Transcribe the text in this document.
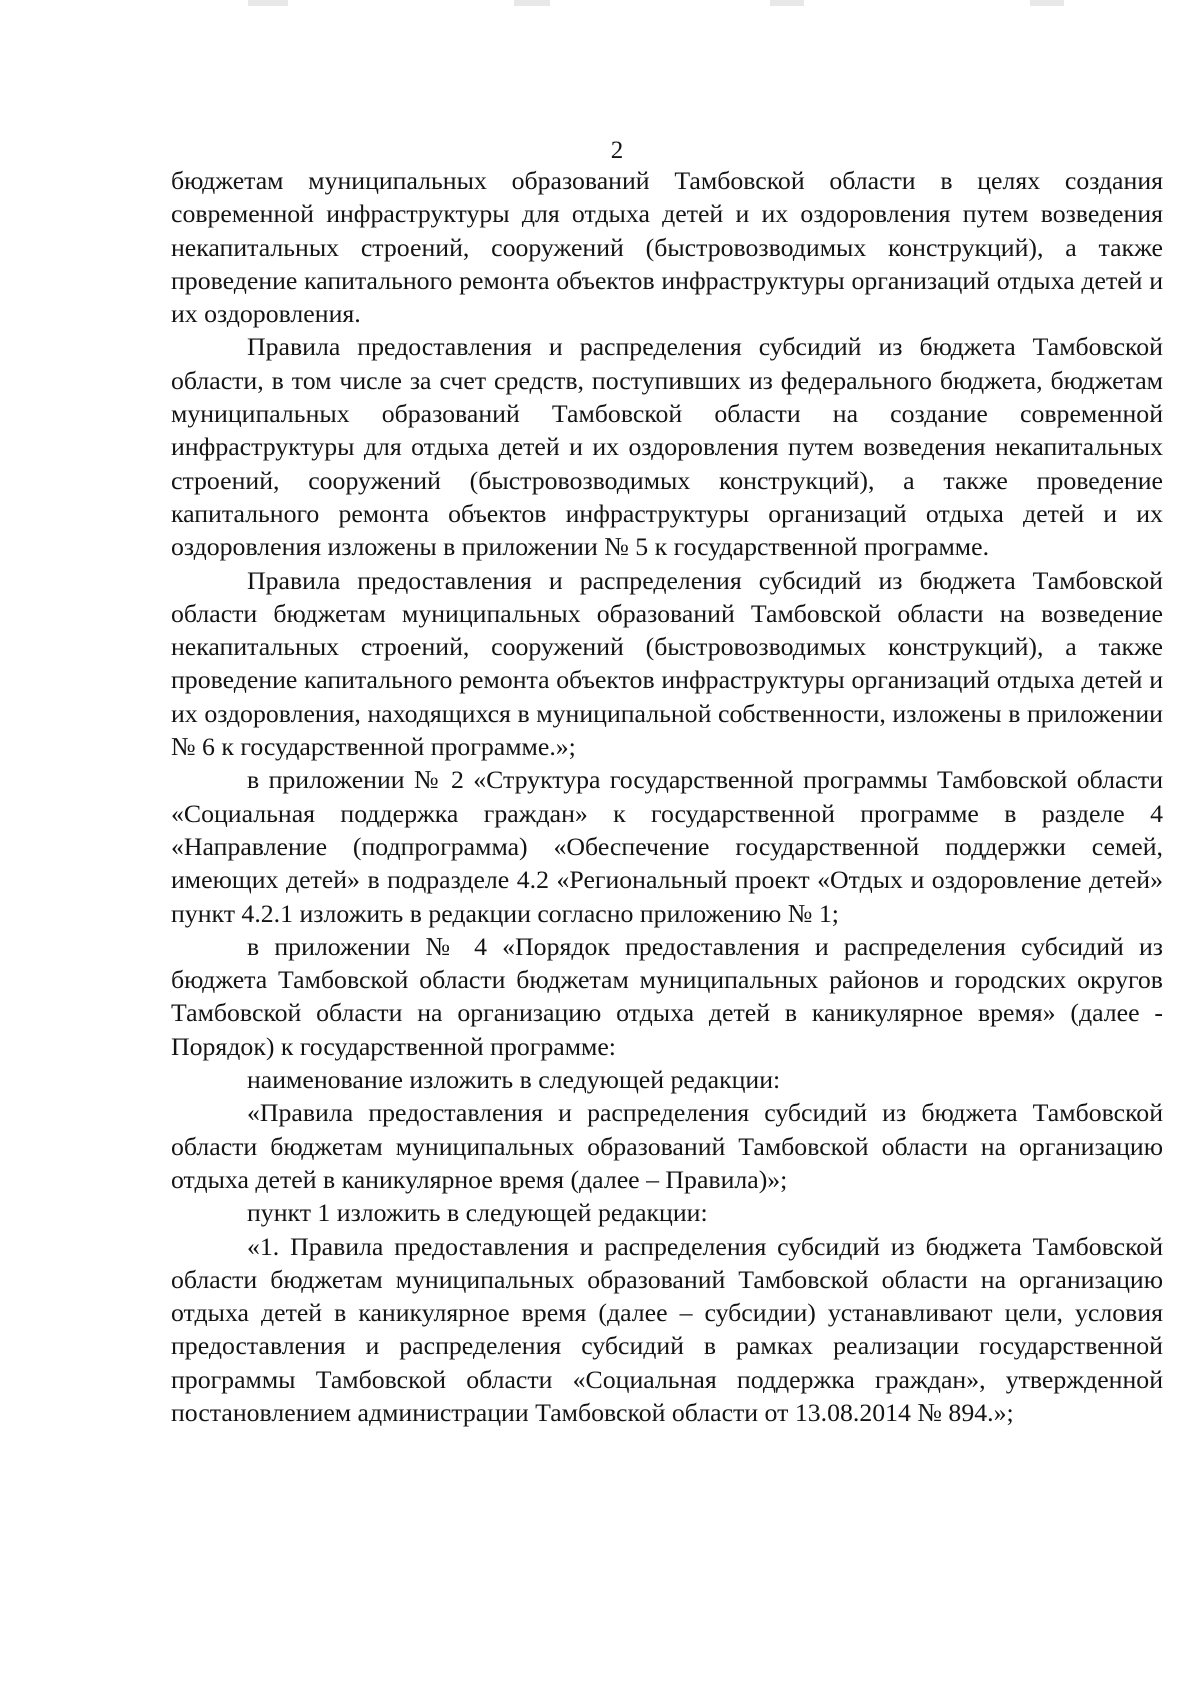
2

бюджетам муниципальных образований Тамбовской области в целях создания современной инфраструктуры для отдыха детей и их оздоровления путем возведения некапитальных строений, сооружений (быстровозводимых конструкций), а также проведение капитального ремонта объектов инфраструктуры организаций отдыха детей и их оздоровления.

Правила предоставления и распределения субсидий из бюджета Тамбовской области, в том числе за счет средств, поступивших из федерального бюджета, бюджетам муниципальных образований Тамбовской области на создание современной инфраструктуры для отдыха детей и их оздоровления путем возведения некапитальных строений, сооружений (быстровозводимых конструкций), а также проведение капитального ремонта объектов инфраструктуры организаций отдыха детей и их оздоровления изложены в приложении № 5 к государственной программе.

Правила предоставления и распределения субсидий из бюджета Тамбовской области бюджетам муниципальных образований Тамбовской области на возведение некапитальных строений, сооружений (быстровозводимых конструкций), а также проведение капитального ремонта объектов инфраструктуры организаций отдыха детей и их оздоровления, находящихся в муниципальной собственности, изложены в приложении № 6 к государственной программе.»;

в приложении № 2 «Структура государственной программы Тамбовской области «Социальная поддержка граждан» к государственной программе в разделе 4 «Направление (подпрограмма) «Обеспечение государственной поддержки семей, имеющих детей» в подразделе 4.2 «Региональный проект «Отдых и оздоровление детей» пункт 4.2.1 изложить в редакции согласно приложению № 1;

в приложении № 4 «Порядок предоставления и распределения субсидий из бюджета Тамбовской области бюджетам муниципальных районов и городских округов Тамбовской области на организацию отдыха детей в каникулярное время» (далее - Порядок) к государственной программе:

наименование изложить в следующей редакции:

«Правила предоставления и распределения субсидий из бюджета Тамбовской области бюджетам муниципальных образований Тамбовской области на организацию отдыха детей в каникулярное время (далее – Правила)»;

пункт 1 изложить в следующей редакции:

«1. Правила предоставления и распределения субсидий из бюджета Тамбовской области бюджетам муниципальных образований Тамбовской области на организацию отдыха детей в каникулярное время (далее – субсидии) устанавливают цели, условия предоставления и распределения субсидий в рамках реализации государственной программы Тамбовской области «Социальная поддержка граждан», утвержденной постановлением администрации Тамбовской области от 13.08.2014 № 894.»;
